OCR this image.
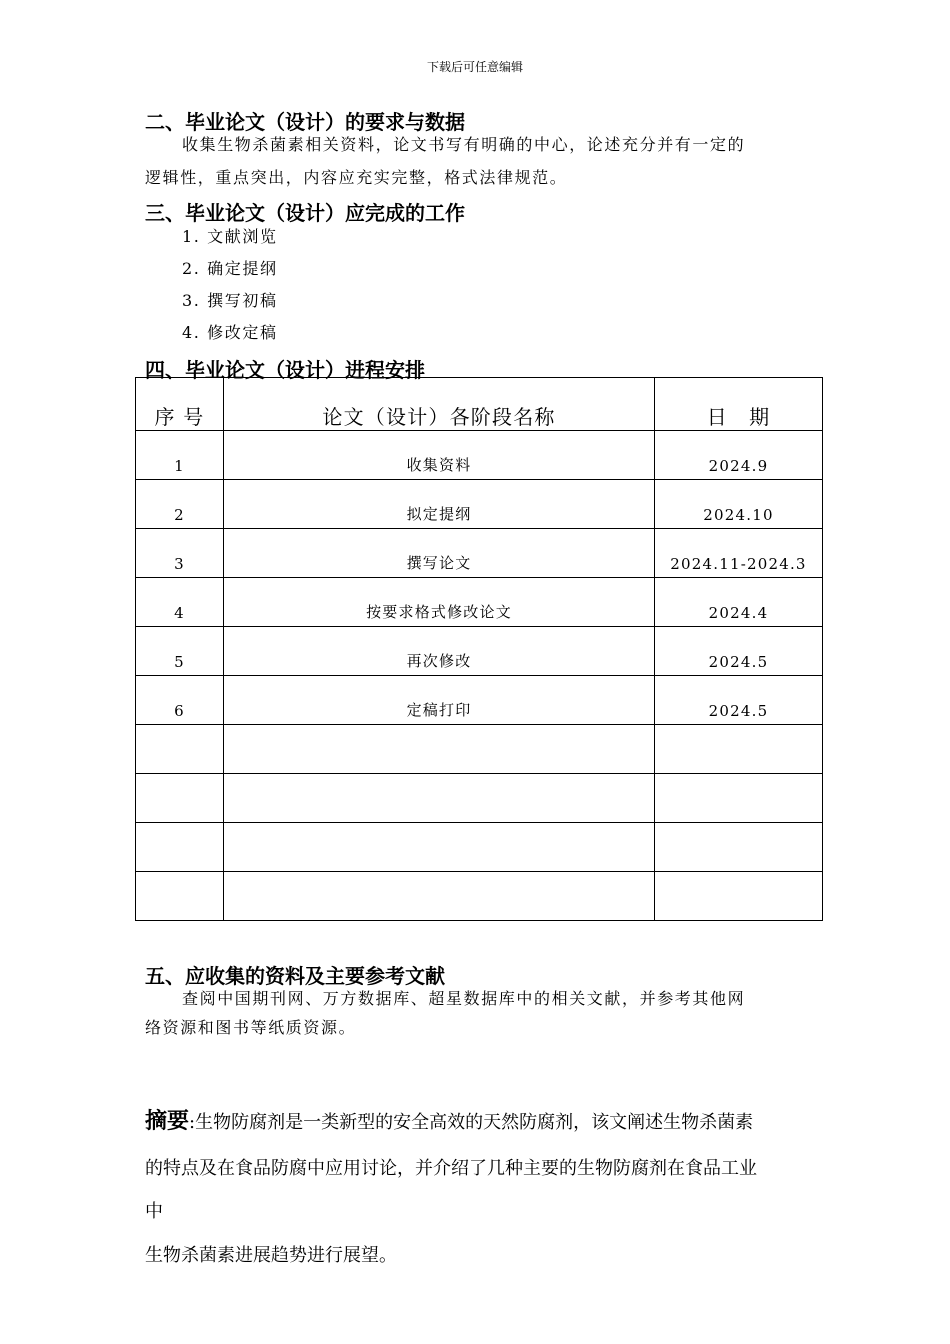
下载后可任意编辑
二、毕业论文（设计）的要求与数据
收集生物杀菌素相关资料，论文书写有明确的中心，论述充分并有一定的
逻辑性，重点突出，内容应充实完整，格式法律规范。
三、毕业论文（设计）应完成的工作
1. 文献浏览
2. 确定提纲
3. 撰写初稿
4. 修改定稿
四、毕业论文（设计）进程安排
序 号	论文（设计）各阶段名称	日　期
1	收集资料	2024.9
2	拟定提纲	2024.10
3	撰写论文	2024.11-2024.3
4	按要求格式修改论文	2024.4
5	再次修改	2024.5
6	定稿打印	2024.5

五、应收集的资料及主要参考文献
查阅中国期刊网、万方数据库、超星数据库中的相关文献，并参考其他网
络资源和图书等纸质资源。
摘要:生物防腐剂是一类新型的安全高效的天然防腐剂，该文阐述生物杀菌素
的特点及在食品防腐中应用讨论，并介绍了几种主要的生物防腐剂在食品工业
中
生物杀菌素进展趋势进行展望。
